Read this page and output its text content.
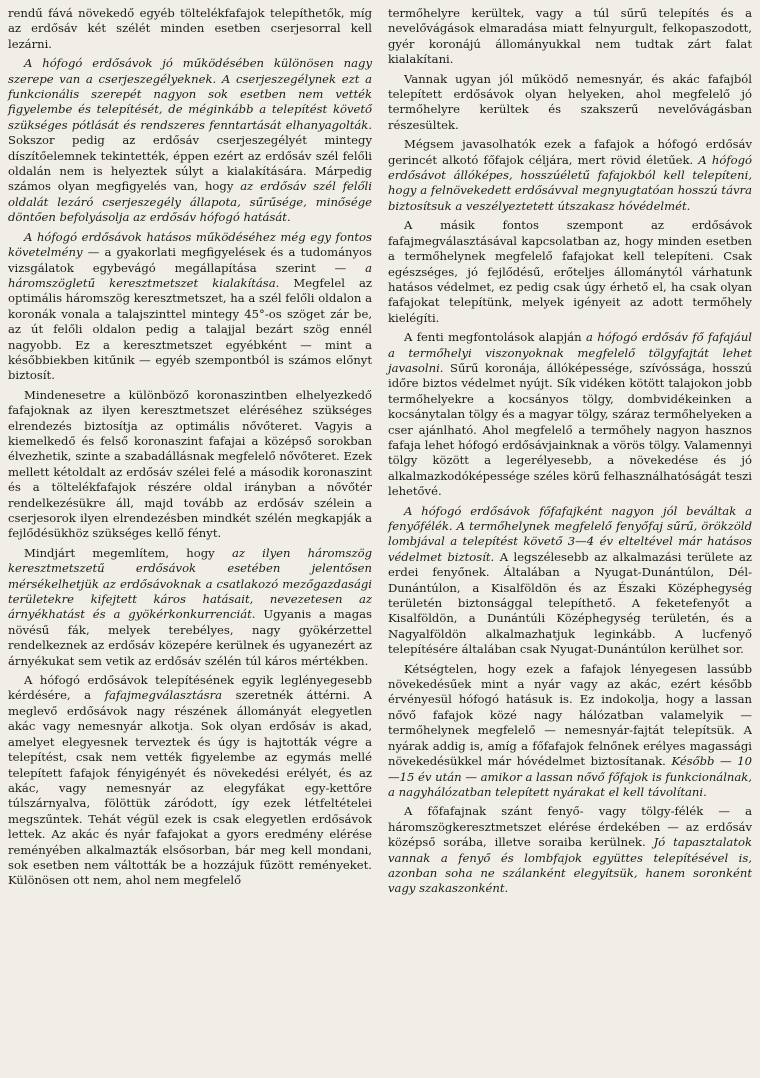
rendű fává növekedő egyéb töltelékfafajok telepíthetők, míg az erdősáv két szélét minden esetben cserjesorral kell lezárni.

A hófogó erdősávok jó működésében különösen nagy szerepe van a cserjeszegélyeknek. A cserjeszegélynek ezt a funkcionális szerepét nagyon sok esetben nem vették figyelembe és telepítését, de méginkább a telepítést követő szükséges pótlását és rendszeres fenntartását elhanyagolták. Sokszor pedig az erdősáv cserjeszegélyét mintegy díszítőelemnek tekintették, éppen ezért az erdősáv szél felőli oldalán nem is helyeztek súlyt a kialakítására. Márpedig számos olyan megfigyelés van, hogy az erdősáv szél felőli oldalát lezáró cserjeszegély állapota, sűrűsége, minősége döntően befolyásolja az erdősáv hófogó hatását.

A hófogó erdősávok hatásos működéséhez még egy fontos követelmény — a gyakorlati megfigyelések és a tudományos vizsgálatok egybevágó megállapítása szerint — a háromszögletű keresztmetszet kialakítása. Megfelel az optimális háromszög keresztmetszet, ha a szél felőli oldalon a koronák vonala a talajszinttel mintegy 45°-os szöget zár be, az út felőli oldalon pedig a talajjal bezárt szög ennél nagyobb. Ez a keresztmetszet egyébként — mint a későbbiekben kitűnik — egyéb szempontból is számos előnyt biztosít.

Mindenesetre a különböző koronaszintben elhelyezkedő fafajoknak az ilyen keresztmetszet eléréséhez szükséges elrendezés biztosítja az optimális nővőteret. Vagyis a kiemelkedő és felső koronaszint fafajai a középső sorokban élvezhetik, szinte a szabadállásnak megfelelő nővőteret. Ezek mellett kétoldalt az erdősáv szélei felé a második koronaszint és a töltelékfafajok részére oldal irányban a nővőtér rendelkezésükre áll, majd tovább az erdősáv szélein a cserjesorok ilyen elrendezésben mindkét szélén megkapják a fejlődésükhöz szükséges kellő fényt.

Mindjárt megemlítem, hogy az ilyen háromszög keresztmetszetű erdősávok esetében jelentősen mérsékelhetjük az erdősávoknak a csatlakozó mezőgazdasági területekre kifejtett káros hatásait, nevezetesen az árnyékhatást és a gyökérkonkurrenciát. Ugyanis a magas növésű fák, melyek terebélyes, nagy gyökérzettel rendelkeznek az erdősáv közepére kerülnek és ugyanezért az árnyékukat sem vetik az erdősáv szélén túl káros mértékben.

A hófogó erdősávok telepítésének egyik leglényegesebb kérdésére, a fafajmegválasztásra szeretnék áttérni. A meglevő erdősávok nagy részének állományát elegyetlen akác vagy nemesnyár alkotja. Sok olyan erdősáv is akad, amelyet elegyesnek terveztek és úgy is hajtották végre a telepítést, csak nem vették figyelembe az egymás mellé telepített fafajok fényigényét és növekedési erélyét, és az akác, vagy nemesnyár az elegyfákat egy-kettőre túlszárnyalva, fölöttük záródott, így ezek létfeltételei megszűntek. Tehát végül ezek is csak elegyetlen erdősávok lettek. Az akác és nyár fafajokat a gyors eredmény elérése reményében alkalmazták elsősorban, bár meg kell mondani, sok esetben nem váltották be a hozzájuk fűzött reményeket. Különösen ott nem, ahol nem megfelelő

termőhelyre kerültek, vagy a túl sűrű telepítés és a nevelővágások elmaradása miatt felnyurgult, felkopaszodott, gyér koronájú állományukkal nem tudtak zárt falat kialakítani.

Vannak ugyan jól működő nemesnyár, és akác fafajból telepített erdősávok olyan helyeken, ahol megfelelő jó termőhelyre kerültek és szakszerű nevelővágásban részesültek.

Mégsem javasolhatók ezek a fafajok a hófogó erdősáv gerincét alkotó főfajok céljára, mert rövid életűek. A hófogó erdősávot állóképes, hosszúéletű fafajokból kell telepíteni, hogy a felnövekedett erdősávval megnyugtatóan hosszú távra biztosítsuk a veszélyeztetett útszakasz hóvédelmét.

A másik fontos szempont az erdősávok fafajmegválasztásával kapcsolatban az, hogy minden esetben a termőhelynek megfelelő fafajokat kell telepíteni. Csak egészséges, jó fejlődésű, erőteljes állománytól várhatunk hatásos védelmet, ez pedig csak úgy érhető el, ha csak olyan fafajokat telepítünk, melyek igényeit az adott termőhely kielégíti.

A fenti megfontolások alapján a hófogó erdősáv fő fafajául a termőhelyi viszonyoknak megfelelő tölgyfajtát lehet javasolni. Sűrű koronája, állóképessége, szívóssága, hosszú időre biztos védelmet nyújt. Sík vidéken kötött talajokon jobb termőhelyekre a kocsányos tölgy, dombvidékeinken a kocsánytalan tölgy és a magyar tölgy, száraz termőhelyeken a cser ajánlható. Ahol megfelelő a termőhely nagyon hasznos fafaja lehet hófogó erdősávjainknak a vörös tölgy. Valamennyi tölgy között a legerélyesebb, a növekedése és jó alkalmazkodóképessége széles körű felhasználhatóságát teszi lehetővé.

A hófogó erdősávok főfafajként nagyon jól beváltak a fenyőfélék. A termőhelynek megfelelő fenyőfaj sűrű, örökzöld lombjával a telepítést követő 3—4 év elteltével már hatásos védelmet biztosít. A legszélesebb az alkalmazási területe az erdei fenyőnek. Általában a Nyugat-Dunántúlon, Dél-Dunántúlon, a Kisalföldön és az Északi Középhegység területén biztonsággal telepíthető. A feketefenyőt a Kisalföldön, a Dunántúli Középhegység területén, és a Nagyalföldön alkalmazhatjuk leginkább. A lucfenyő telepítésére általában csak Nyugat-Dunántúlon kerülhet sor.

Kétségtelen, hogy ezek a fafajok lényegesen lassúbb növekedésűek mint a nyár vagy az akác, ezért később érvényesül hófogó hatásuk is. Ez indokolja, hogy a lassan nővő fafajok közé nagy hálózatban valamelyik — termőhelynek megfelelő — nemesnyár-fajtát telepítsük. A nyárak addig is, amíg a főfafajok felnőnek erélyes magassági növekedésükkel már hóvédelmet biztosítanak. Később — 10—15 év után — amikor a lassan nővő főfajok is funkcionálnak, a nagyhálózatban telepített nyárakat el kell távolítani.

A főfafajnak szánt fenyő- vagy tölgy-félék — a háromszögkeresztmetszet elérése érdekében — az erdősáv középső sorába, illetve soraiba kerülnek. Jó tapasztalatok vannak a fenyő és lombfajok együttes telepítésével is, azonban soha ne szálanként elegyítsük, hanem soronként vagy szakaszonként.
